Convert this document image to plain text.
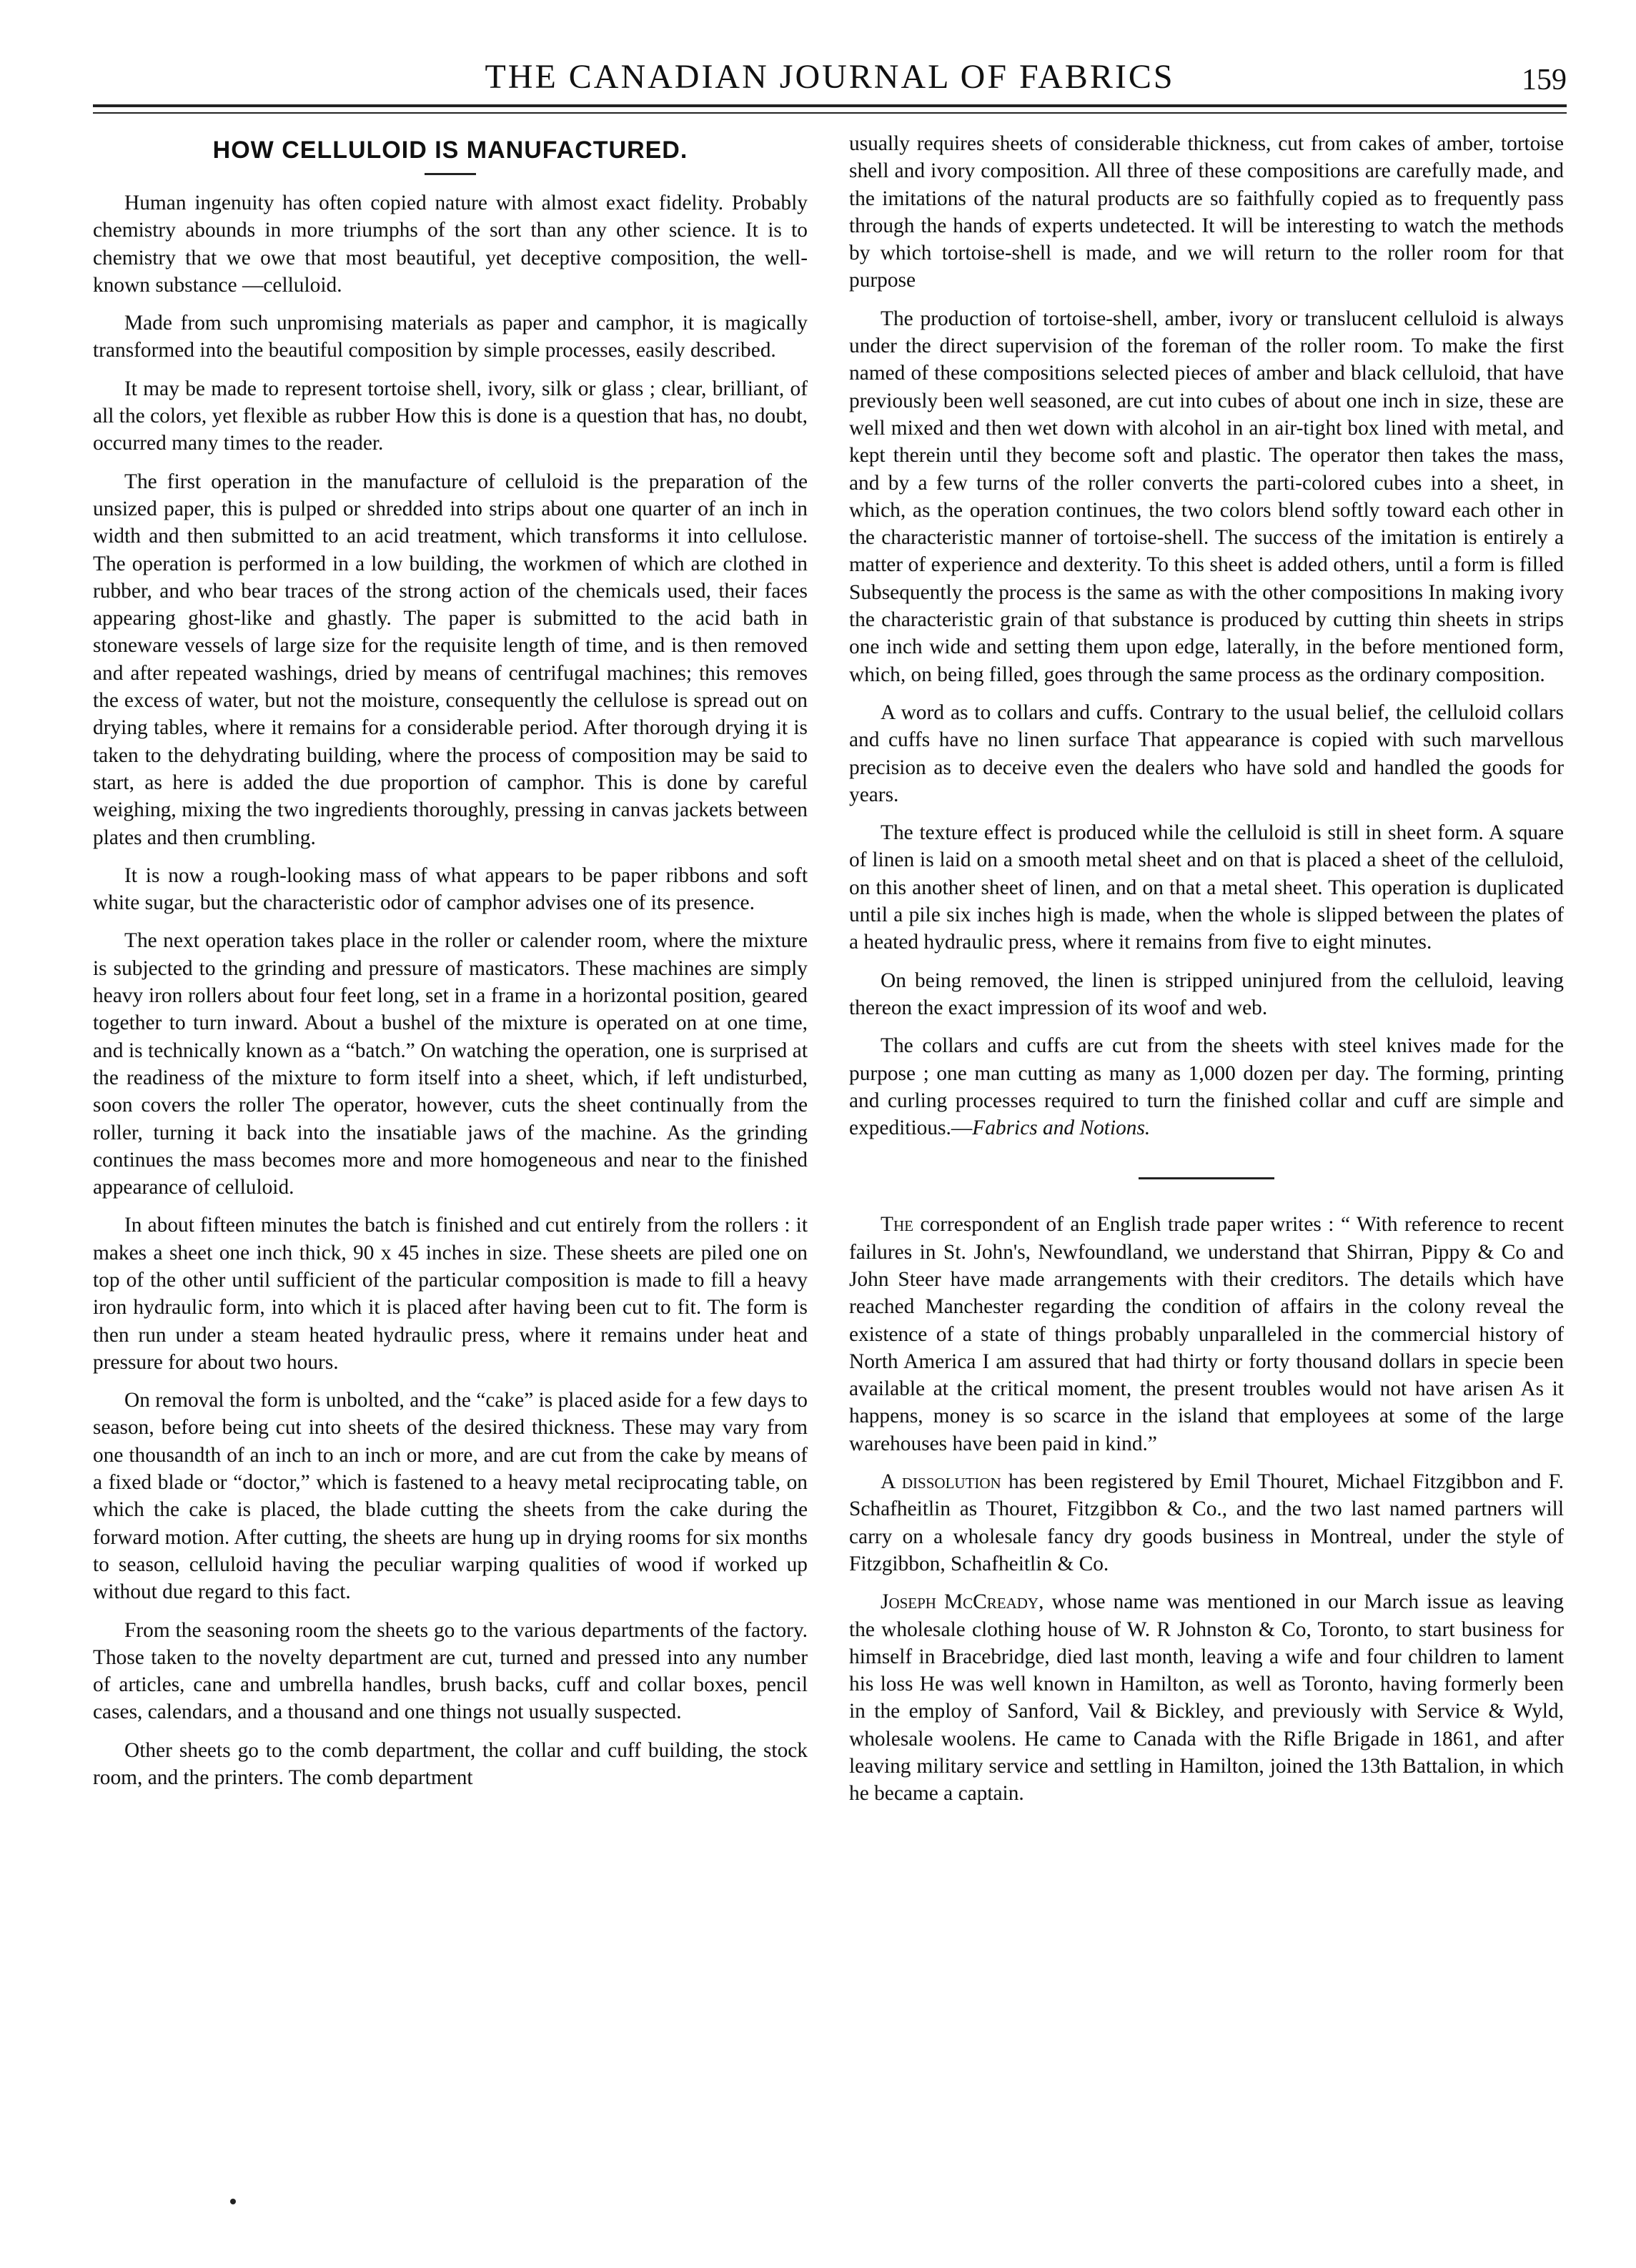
THE CANADIAN JOURNAL OF FABRICS	159
HOW CELLULOID IS MANUFACTURED.

Human ingenuity has often copied nature with almost exact fidelity. Probably chemistry abounds in more triumphs of the sort than any other science. It is to chemistry that we owe that most beautiful, yet deceptive composition, the well-known substance —celluloid.

Made from such unpromising materials as paper and camphor, it is magically transformed into the beautiful composition by simple processes, easily described.

It may be made to represent tortoise shell, ivory, silk or glass ; clear, brilliant, of all the colors, yet flexible as rubber How this is done is a question that has, no doubt, occurred many times to the reader.

The first operation in the manufacture of celluloid is the preparation of the unsized paper, this is pulped or shredded into strips about one quarter of an inch in width and then submitted to an acid treatment, which transforms it into cellulose. The operation is performed in a low building, the workmen of which are clothed in rubber, and who bear traces of the strong action of the chemicals used, their faces appearing ghost-like and ghastly. The paper is submitted to the acid bath in stoneware vessels of large size for the requisite length of time, and is then removed and after repeated washings, dried by means of centrifugal machines; this removes the excess of water, but not the moisture, consequently the cellulose is spread out on drying tables, where it remains for a considerable period. After thorough drying it is taken to the dehydrating building, where the process of composition may be said to start, as here is added the due proportion of camphor. This is done by careful weighing, mixing the two ingredients thoroughly, pressing in canvas jackets between plates and then crumbling.

It is now a rough-looking mass of what appears to be paper ribbons and soft white sugar, but the characteristic odor of camphor advises one of its presence.

The next operation takes place in the roller or calender room, where the mixture is subjected to the grinding and pressure of masticators. These machines are simply heavy iron rollers about four feet long, set in a frame in a horizontal position, geared together to turn inward. About a bushel of the mixture is operated on at one time, and is technically known as a “batch.” On watching the operation, one is surprised at the readiness of the mixture to form itself into a sheet, which, if left undisturbed, soon covers the roller The operator, however, cuts the sheet continually from the roller, turning it back into the insatiable jaws of the machine. As the grinding continues the mass becomes more and more homogeneous and near to the finished appearance of celluloid.

In about fifteen minutes the batch is finished and cut entirely from the rollers : it makes a sheet one inch thick, 90 x 45 inches in size. These sheets are piled one on top of the other until sufficient of the particular composition is made to fill a heavy iron hydraulic form, into which it is placed after having been cut to fit. The form is then run under a steam heated hydraulic press, where it remains under heat and pressure for about two hours.

On removal the form is unbolted, and the “cake” is placed aside for a few days to season, before being cut into sheets of the desired thickness. These may vary from one thousandth of an inch to an inch or more, and are cut from the cake by means of a fixed blade or “doctor,” which is fastened to a heavy metal reciprocating table, on which the cake is placed, the blade cutting the sheets from the cake during the forward motion. After cutting, the sheets are hung up in drying rooms for six months to season, celluloid having the peculiar warping qualities of wood if worked up without due regard to this fact.

From the seasoning room the sheets go to the various departments of the factory. Those taken to the novelty department are cut, turned and pressed into any number of articles, cane and umbrella handles, brush backs, cuff and collar boxes, pencil cases, calendars, and a thousand and one things not usually suspected.

Other sheets go to the comb department, the collar and cuff building, the stock room, and the printers. The comb department

usually requires sheets of considerable thickness, cut from cakes of amber, tortoise shell and ivory composition. All three of these compositions are carefully made, and the imitations of the natural products are so faithfully copied as to frequently pass through the hands of experts undetected. It will be interesting to watch the methods by which tortoise-shell is made, and we will return to the roller room for that purpose

The production of tortoise-shell, amber, ivory or translucent celluloid is always under the direct supervision of the foreman of the roller room. To make the first named of these compositions selected pieces of amber and black celluloid, that have previously been well seasoned, are cut into cubes of about one inch in size, these are well mixed and then wet down with alcohol in an air-tight box lined with metal, and kept therein until they become soft and plastic. The operator then takes the mass, and by a few turns of the roller converts the parti-colored cubes into a sheet, in which, as the operation continues, the two colors blend softly toward each other in the characteristic manner of tortoise-shell. The success of the imitation is entirely a matter of experience and dexterity. To this sheet is added others, until a form is filled Subsequently the process is the same as with the other compositions In making ivory the characteristic grain of that substance is produced by cutting thin sheets in strips one inch wide and setting them upon edge, laterally, in the before mentioned form, which, on being filled, goes through the same process as the ordinary composition.

A word as to collars and cuffs. Contrary to the usual belief, the celluloid collars and cuffs have no linen surface That appearance is copied with such marvellous precision as to deceive even the dealers who have sold and handled the goods for years.

The texture effect is produced while the celluloid is still in sheet form. A square of linen is laid on a smooth metal sheet and on that is placed a sheet of the celluloid, on this another sheet of linen, and on that a metal sheet. This operation is duplicated until a pile six inches high is made, when the whole is slipped between the plates of a heated hydraulic press, where it remains from five to eight minutes.

On being removed, the linen is stripped uninjured from the celluloid, leaving thereon the exact impression of its woof and web.

The collars and cuffs are cut from the sheets with steel knives made for the purpose ; one man cutting as many as 1,000 dozen per day. The forming, printing and curling processes required to turn the finished collar and cuff are simple and expeditious.—Fabrics and Notions.

The correspondent of an English trade paper writes : “ With reference to recent failures in St. John's, Newfoundland, we understand that Shirran, Pippy & Co and John Steer have made arrangements with their creditors. The details which have reached Manchester regarding the condition of affairs in the colony reveal the existence of a state of things probably unparalleled in the commercial history of North America I am assured that had thirty or forty thousand dollars in specie been available at the critical moment, the present troubles would not have arisen As it happens, money is so scarce in the island that employees at some of the large warehouses have been paid in kind.”

A dissolution has been registered by Emil Thouret, Michael Fitzgibbon and F. Schafheitlin as Thouret, Fitzgibbon & Co., and the two last named partners will carry on a wholesale fancy dry goods business in Montreal, under the style of Fitzgibbon, Schafheitlin & Co.

Joseph McCready, whose name was mentioned in our March issue as leaving the wholesale clothing house of W. R Johnston & Co, Toronto, to start business for himself in Bracebridge, died last month, leaving a wife and four children to lament his loss He was well known in Hamilton, as well as Toronto, having formerly been in the employ of Sanford, Vail & Bickley, and previously with Service & Wyld, wholesale woolens. He came to Canada with the Rifle Brigade in 1861, and after leaving military service and settling in Hamilton, joined the 13th Battalion, in which he became a captain.
